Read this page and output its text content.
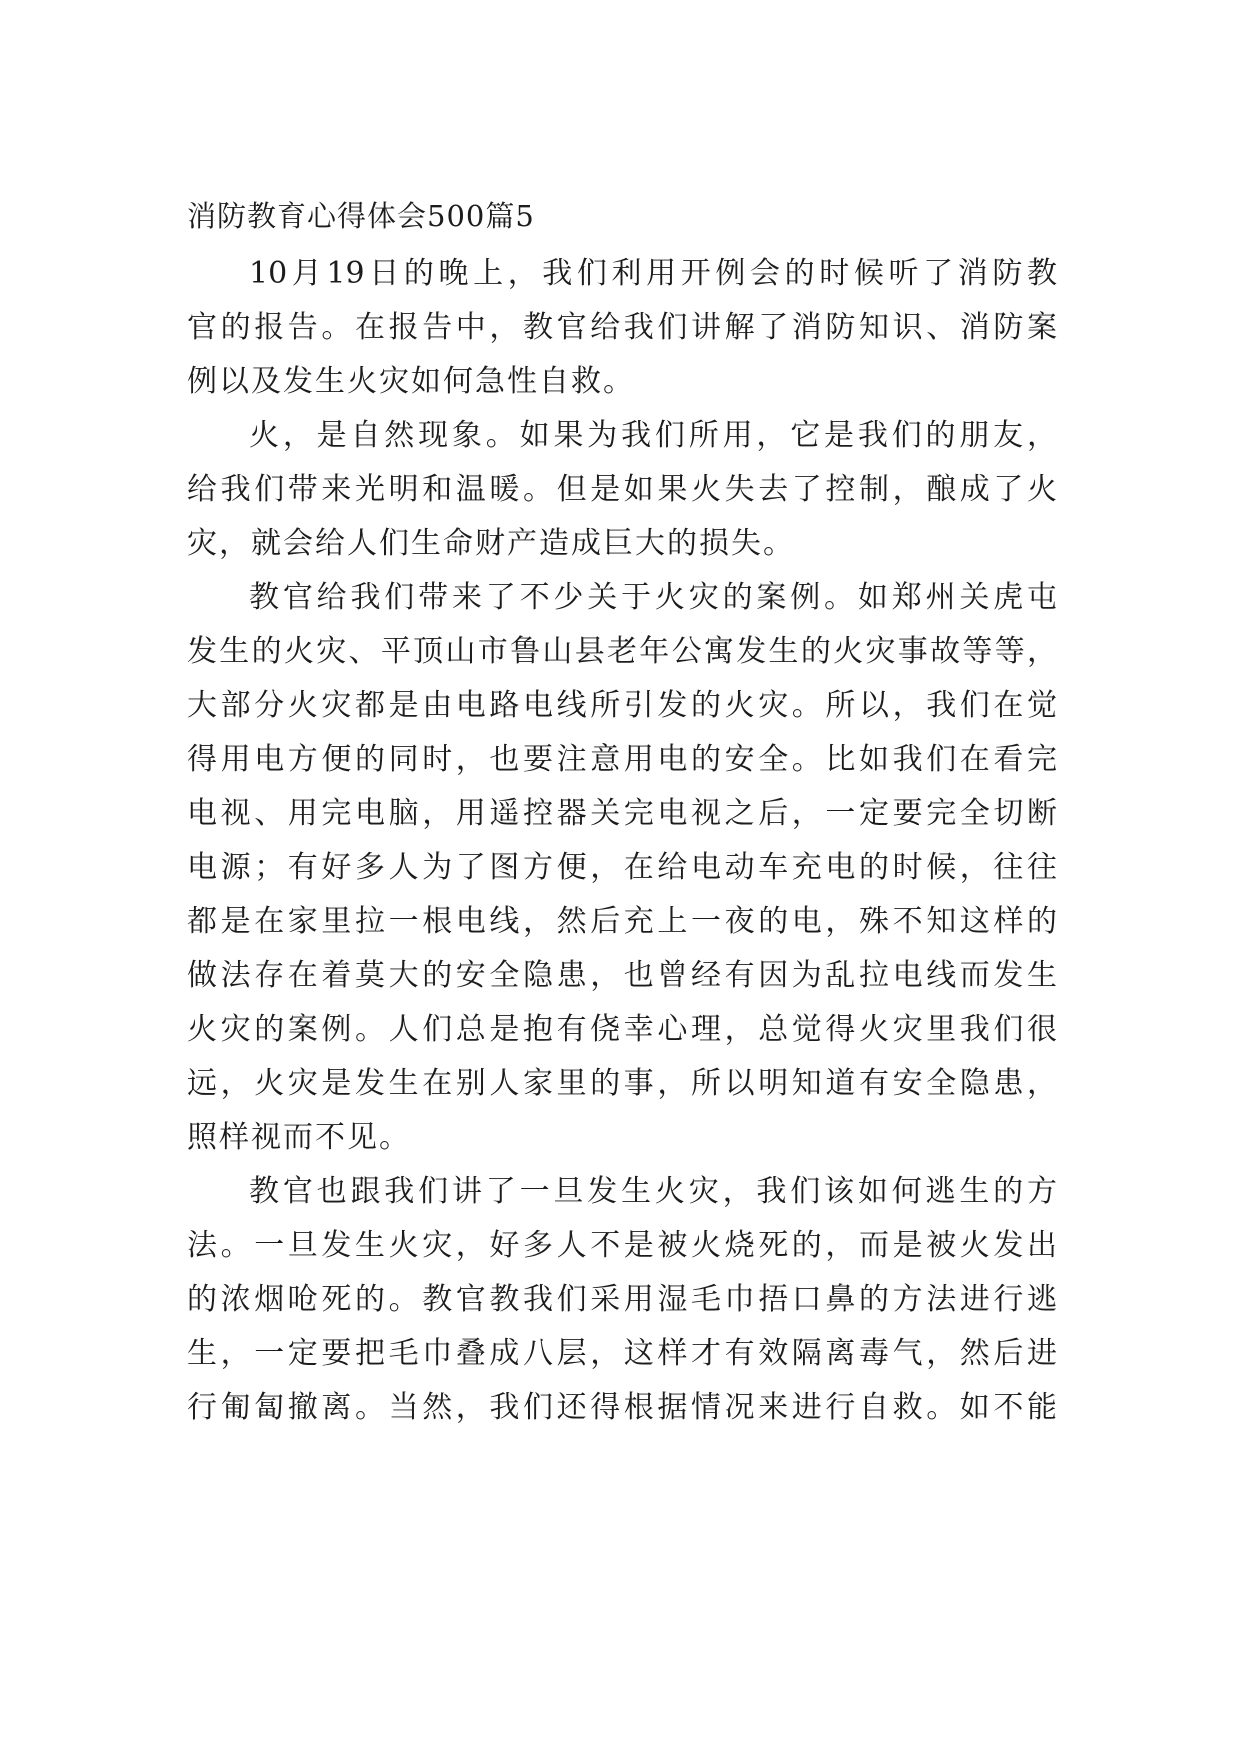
消防教育心得体会500篇5
10月19日的晚上，我们利用开例会的时候听了消防教
官的报告。在报告中，教官给我们讲解了消防知识、消防案
例以及发生火灾如何急性自救。
火，是自然现象。如果为我们所用，它是我们的朋友，
给我们带来光明和温暖。但是如果火失去了控制，酿成了火
灾，就会给人们生命财产造成巨大的损失。
教官给我们带来了不少关于火灾的案例。如郑州关虎屯
发生的火灾、平顶山市鲁山县老年公寓发生的火灾事故等等，
大部分火灾都是由电路电线所引发的火灾。所以，我们在觉
得用电方便的同时，也要注意用电的安全。比如我们在看完
电视、用完电脑，用遥控器关完电视之后，一定要完全切断
电源；有好多人为了图方便，在给电动车充电的时候，往往
都是在家里拉一根电线，然后充上一夜的电，殊不知这样的
做法存在着莫大的安全隐患，也曾经有因为乱拉电线而发生
火灾的案例。人们总是抱有侥幸心理，总觉得火灾里我们很
远，火灾是发生在别人家里的事，所以明知道有安全隐患，
照样视而不见。
教官也跟我们讲了一旦发生火灾，我们该如何逃生的方
法。一旦发生火灾，好多人不是被火烧死的，而是被火发出
的浓烟呛死的。教官教我们采用湿毛巾捂口鼻的方法进行逃
生，一定要把毛巾叠成八层，这样才有效隔离毒气，然后进
行匍匐撤离。当然，我们还得根据情况来进行自救。如不能
